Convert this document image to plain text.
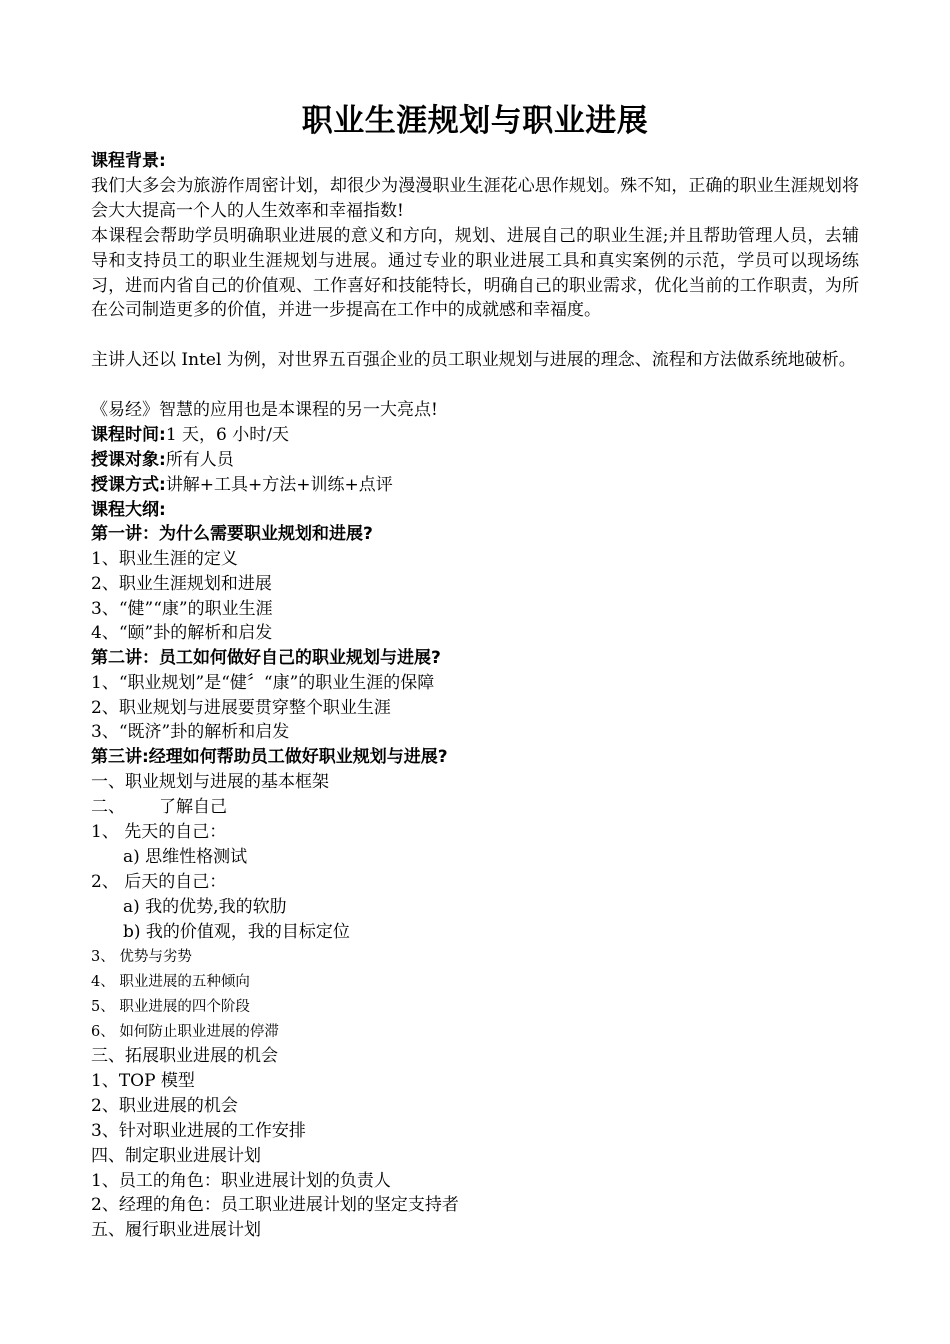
职业生涯规划与职业进展
课程背景:
我们大多会为旅游作周密计划，却很少为漫漫职业生涯花心思作规划。殊不知，正确的职业生涯规划将会大大提高一个人的人生效率和幸福指数!
本课程会帮助学员明确职业进展的意义和方向，规划、进展自己的职业生涯;并且帮助管理人员，去辅导和支持员工的职业生涯规划与进展。通过专业的职业进展工具和真实案例的示范，学员可以现场练习，进而内省自己的价值观、工作喜好和技能特长，明确自己的职业需求，优化当前的工作职责，为所在公司制造更多的价值，并进一步提高在工作中的成就感和幸福度。
主讲人还以 Intel 为例，对世界五百强企业的员工职业规划与进展的理念、流程和方法做系统地破析。
《易经》智慧的应用也是本课程的另一大亮点!
课程时间:1 天，6 小时/天
授课对象:所有人员
授课方式:讲解+工具+方法+训练+点评
课程大纲:
第一讲：为什么需要职业规划和进展?
1、职业生涯的定义
2、职业生涯规划和进展
3、“健”“康”的职业生涯
4、“颐”卦的解析和启发
第二讲：员工如何做好自己的职业规划与进展?
1、“职业规划”是“健〞“康”的职业生涯的保障
2、职业规划与进展要贯穿整个职业生涯
3、“既济”卦的解析和启发
第三讲:经理如何帮助员工做好职业规划与进展?
一、职业规划与进展的基本框架
二、 了解自己
1、 先天的自己：
a) 思维性格测试
2、 后天的自己：
a) 我的优势,我的软肋
b) 我的价值观，我的目标定位
3、 优势与劣势
4、 职业进展的五种倾向
5、 职业进展的四个阶段
6、 如何防止职业进展的停滞
三、拓展职业进展的机会
1、TOP 模型
2、职业进展的机会
3、针对职业进展的工作安排
四、制定职业进展计划
1、员工的角色：职业进展计划的负责人
2、经理的角色：员工职业进展计划的坚定支持者
五、履行职业进展计划
